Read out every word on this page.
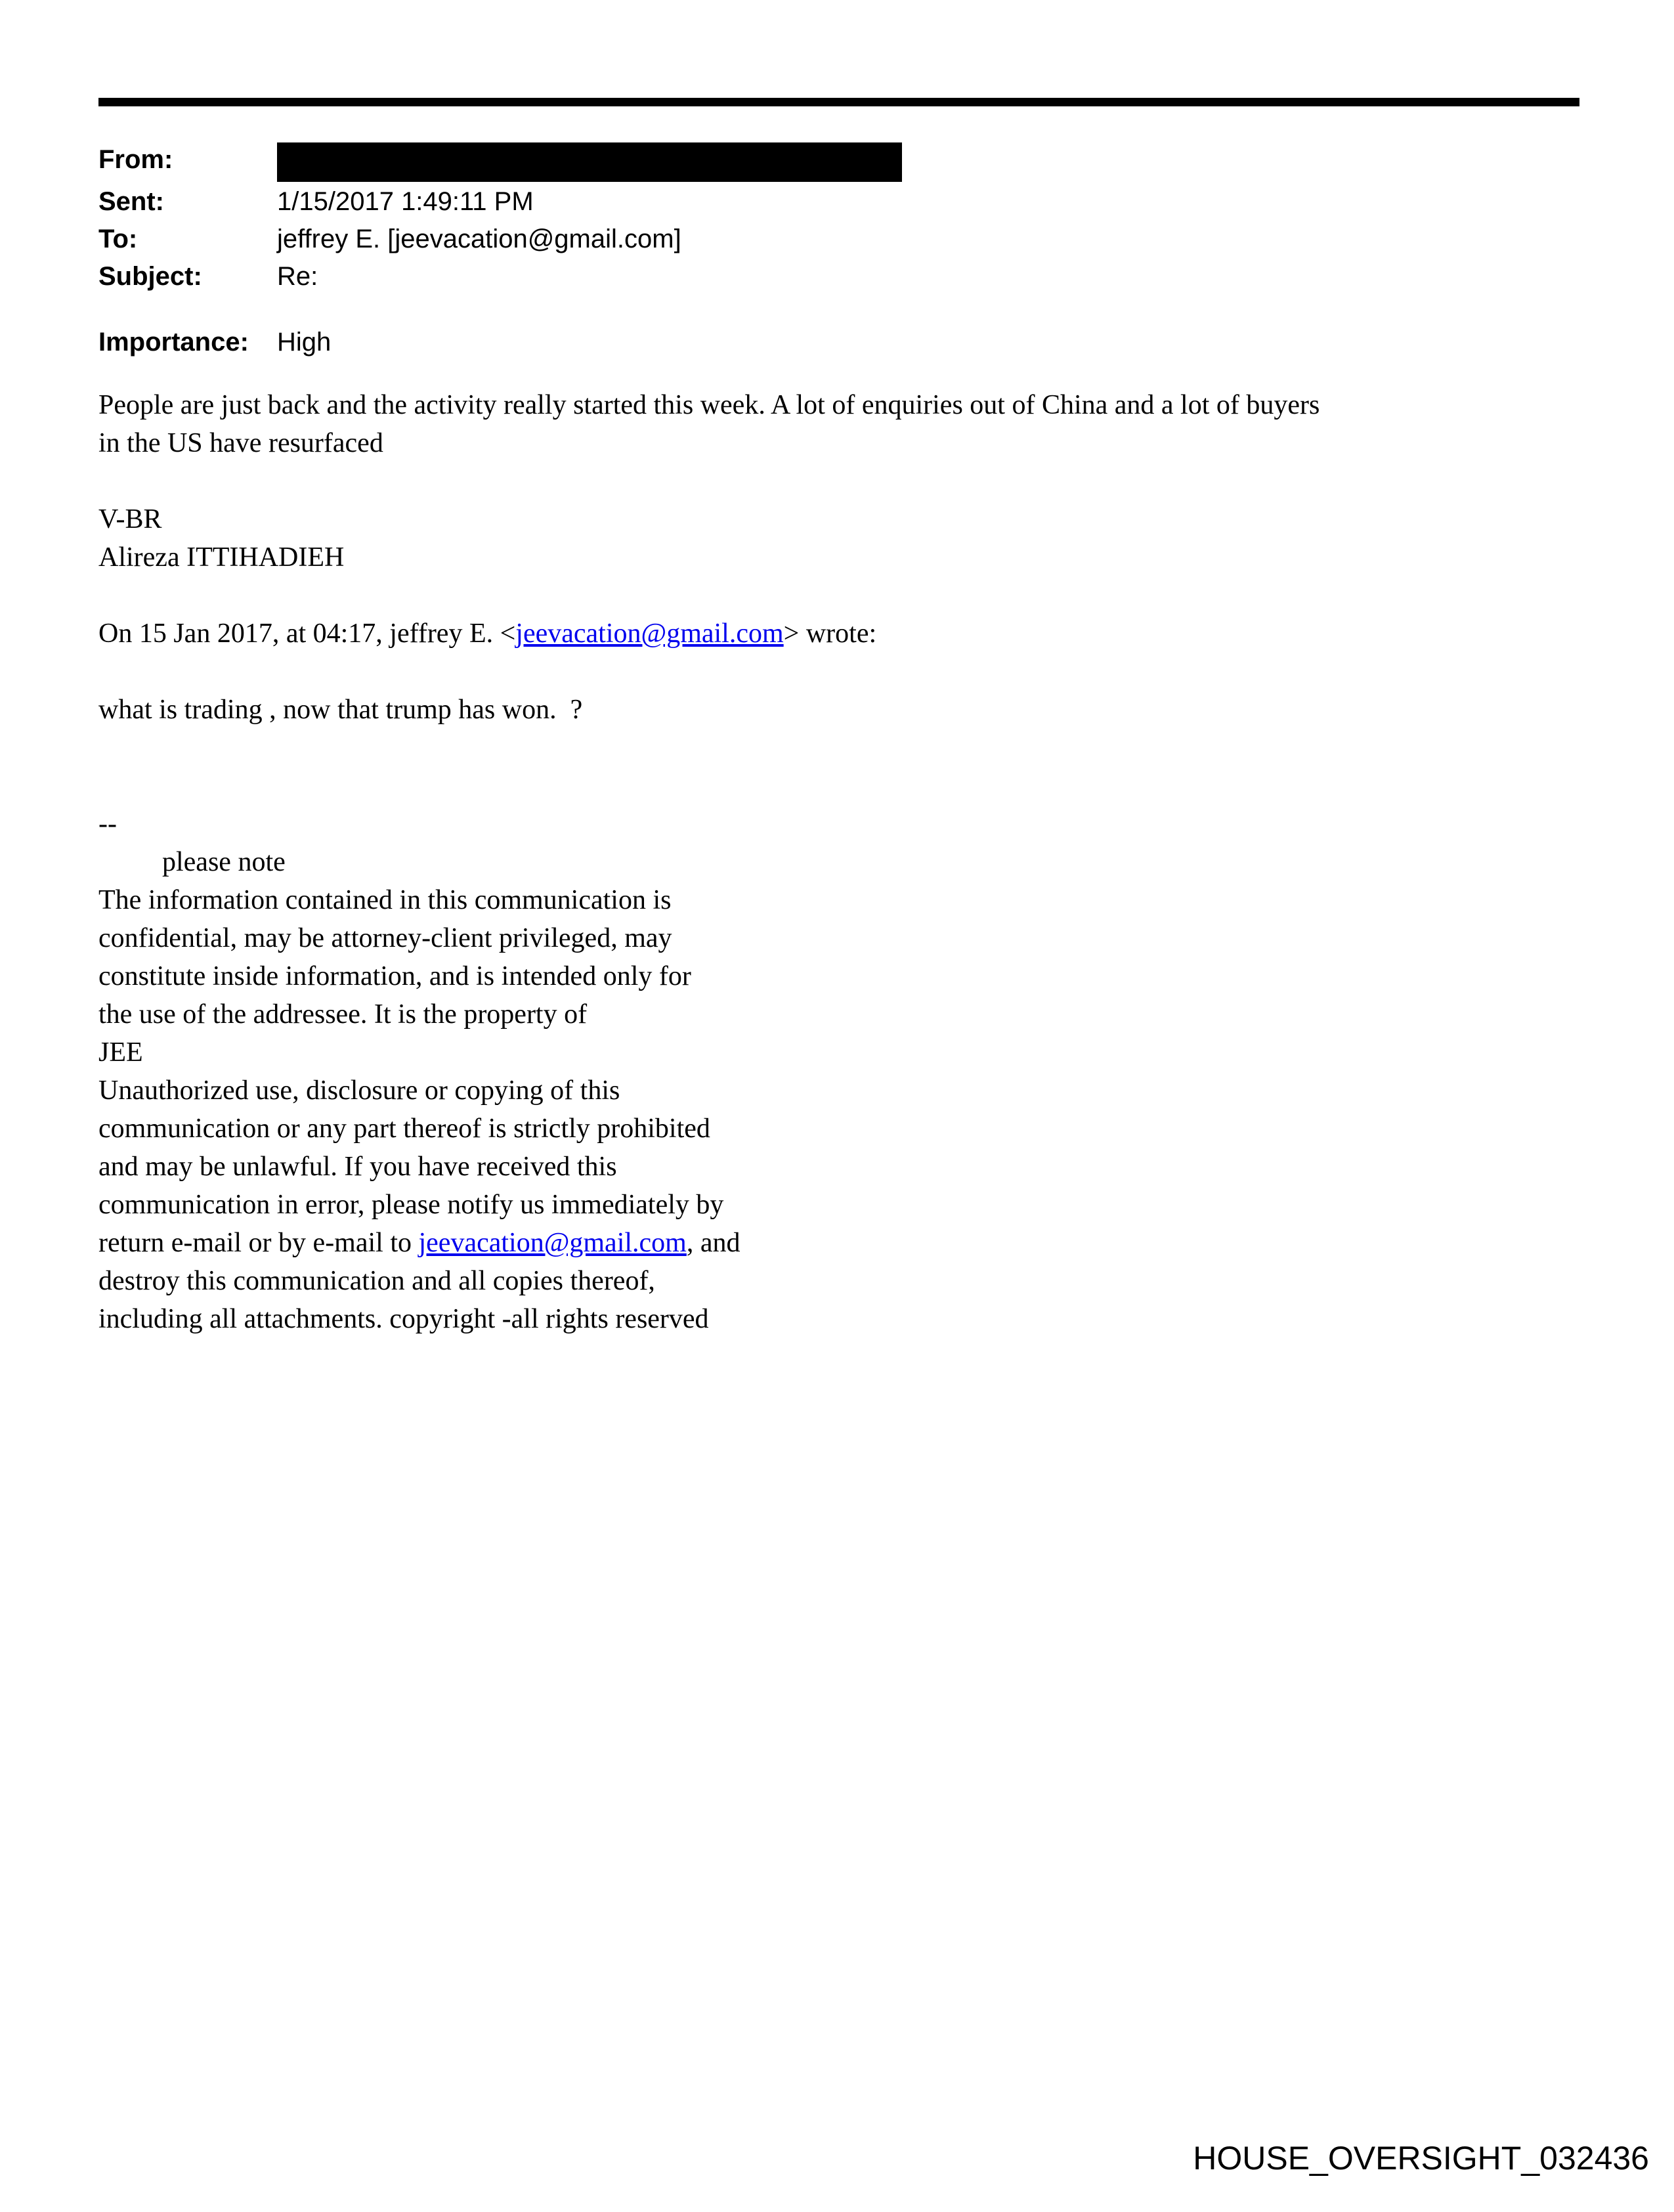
From:
Sent:	1/15/2017 1:49:11 PM
To:	jeffrey E. [jeevacation@gmail.com]
Subject:	Re:
Importance:	High
People are just back and the activity really started this week. A lot of enquiries out of China and a lot of buyers
in the US have resurfaced
V-BR
Alireza ITTIHADIEH
On 15 Jan 2017, at 04:17, jeffrey E. <jeevacation@gmail.com> wrote:
what is trading , now that trump has won.  ?
--
please note
The information contained in this communication is
confidential, may be attorney-client privileged, may
constitute inside information, and is intended only for
the use of the addressee. It is the property of
JEE
Unauthorized use, disclosure or copying of this
communication or any part thereof is strictly prohibited
and may be unlawful. If you have received this
communication in error, please notify us immediately by
return e-mail or by e-mail to jeevacation@gmail.com, and
destroy this communication and all copies thereof,
including all attachments. copyright -all rights reserved
HOUSE_OVERSIGHT_032436
